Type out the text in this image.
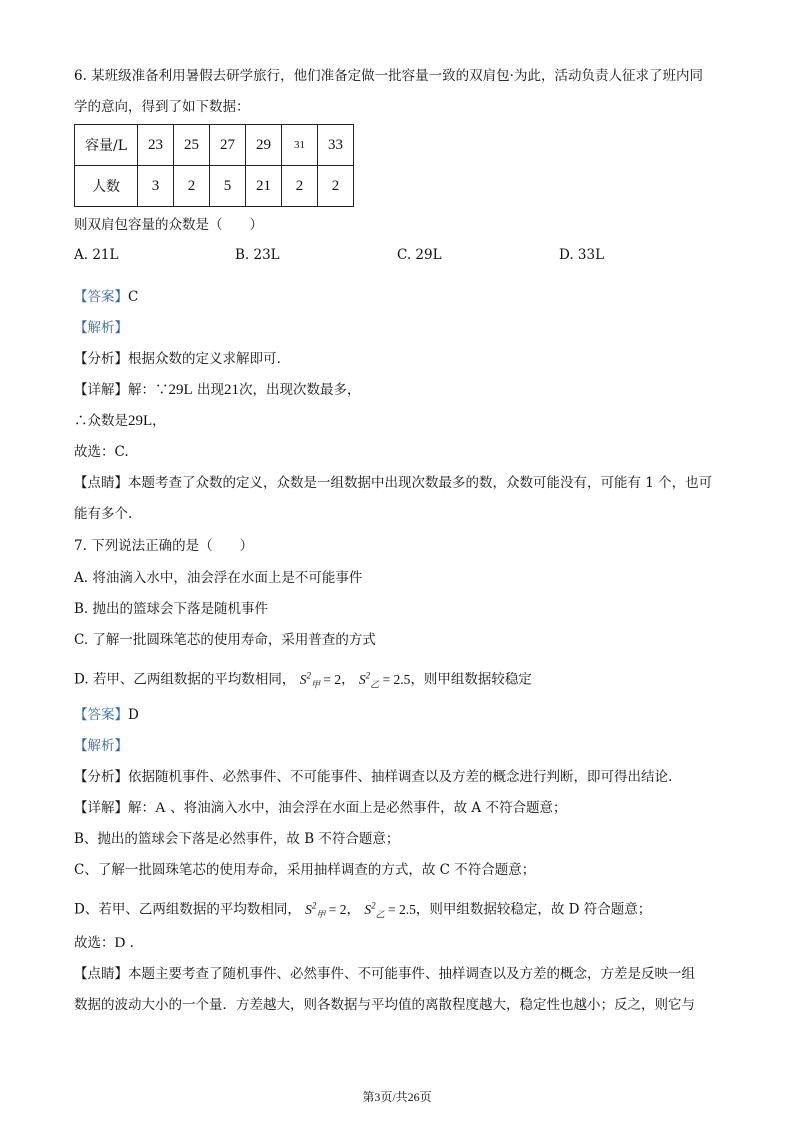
6. 某班级准备利用暑假去研学旅行，他们准备定做一批容量一致的双肩包·为此，活动负责人征求了班内同
学的意向，得到了如下数据：
容量/L	23	25	27	29	31	33
人数	3	2	5	21	2	2
则双肩包容量的众数是（　　）
A. 21L	B. 23L	C. 29L	D. 33L
【答案】C
【解析】
【分析】根据众数的定义求解即可.
【详解】解：∵29L 出现21次，出现次数最多，
∴众数是29L，
故选：C.
【点睛】本题考查了众数的定义，众数是一组数据中出现次数最多的数，众数可能没有，可能有 1 个，也可
能有多个.
7. 下列说法正确的是（　　）
A. 将油滴入水中，油会浮在水面上是不可能事件
B. 抛出的篮球会下落是随机事件
C. 了解一批圆珠笔芯的使用寿命，采用普查的方式
D. 若甲、乙两组数据的平均数相同， $S^2_甲 = 2$， $S^2_乙 = 2.5$，则甲组数据较稳定
【答案】D
【解析】
【分析】依据随机事件、必然事件、不可能事件、抽样调查以及方差的概念进行判断，即可得出结论.
【详解】解：A 、将油滴入水中，油会浮在水面上是必然事件，故 A 不符合题意；
B、抛出的篮球会下落是必然事件，故 B 不符合题意；
C、了解一批圆珠笔芯的使用寿命，采用抽样调查的方式，故 C 不符合题意；
D、若甲、乙两组数据的平均数相同， $S^2_甲 = 2$， $S^2_乙 = 2.5$，则甲组数据较稳定，故 D 符合题意；
故选：D .
【点睛】本题主要考查了随机事件、必然事件、不可能事件、抽样调查以及方差的概念，方差是反映一组
数据的波动大小的一个量．方差越大，则各数据与平均值的离散程度越大，稳定性也越小；反之，则它与
第3页/共26页
